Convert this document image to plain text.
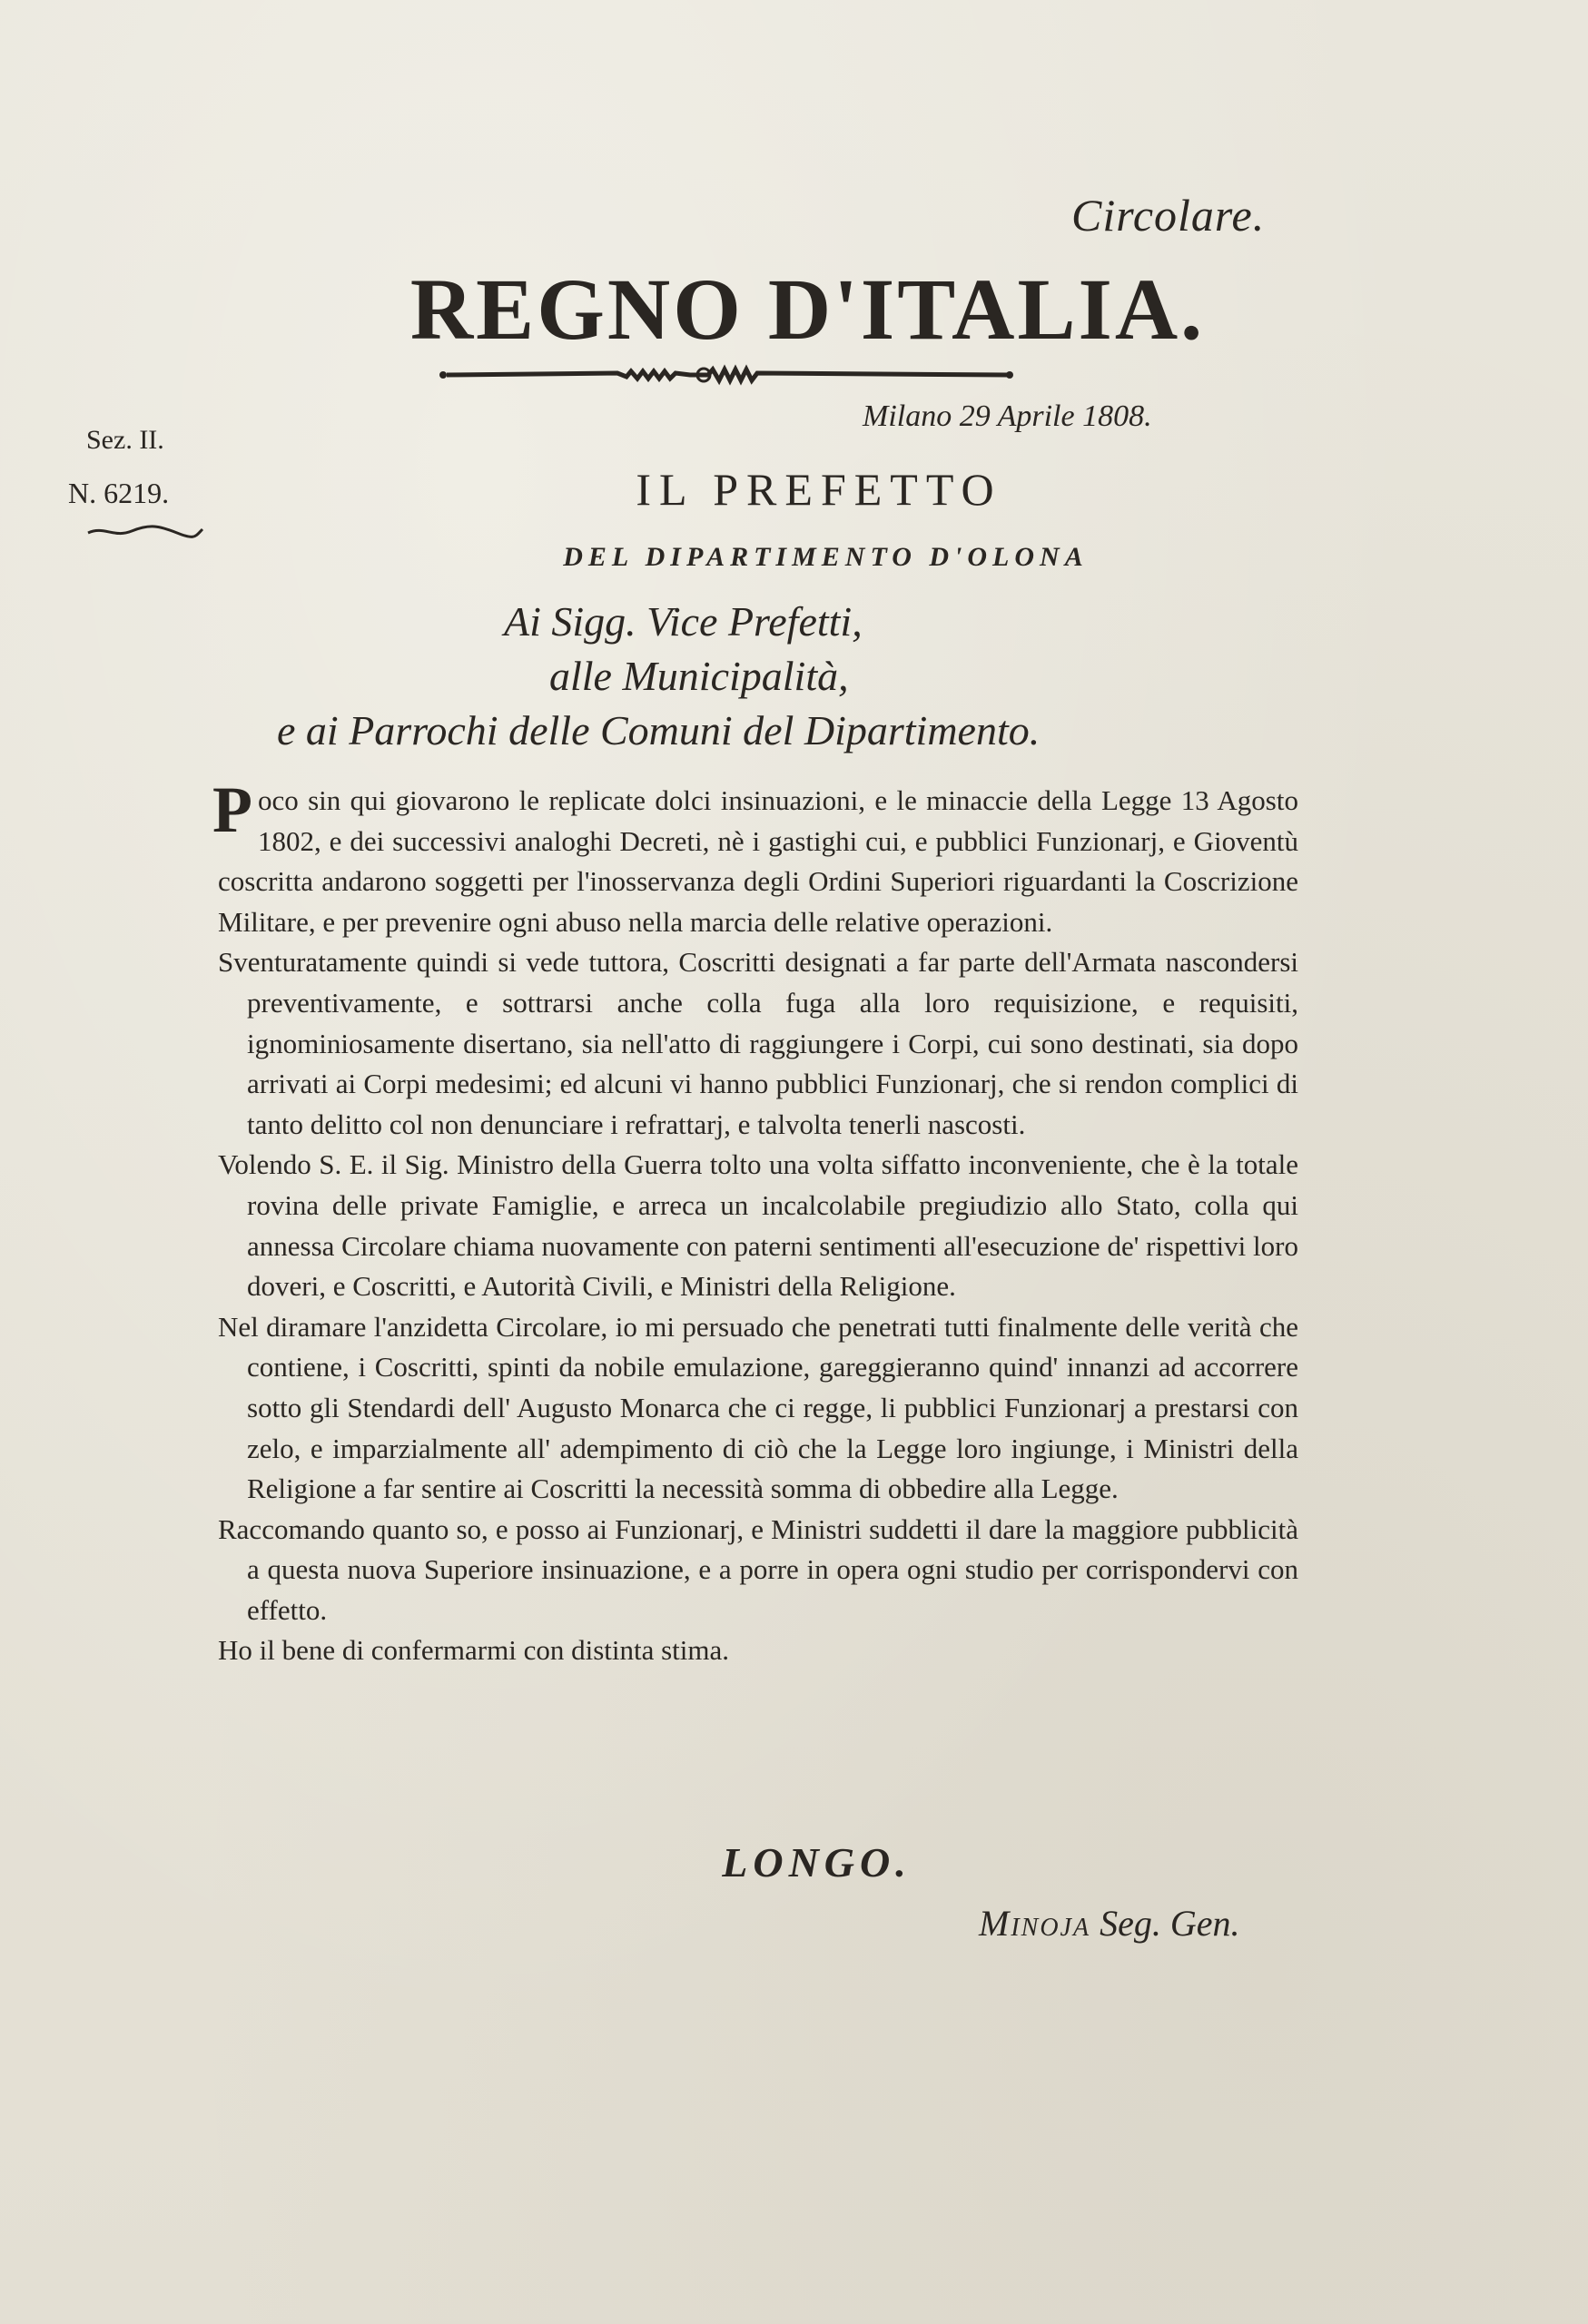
Circolare.
REGNO D'ITALIA.
Milano 29 Aprile 1808.
Sez. II.
N. 6219.	IL PREFETTO
DEL DIPARTIMENTO D'OLONA
Ai Sigg. Vice Prefetti,
alle Municipalità,
e ai Parrochi delle Comuni del Dipartimento.

P oco sin qui giovarono le replicate dolci insinuazioni, e le minaccie della Legge 13 Agosto 1802, e dei successivi analoghi Decreti, nè i gastighi cui, e pubblici Funzionarj, e Gioventù coscritta andarono soggetti per l'inosservanza degli Ordini Superiori riguardanti la Coscrizione Militare, e per prevenire ogni abuso nella marcia delle relative operazioni.

Sventuratamente quindi si vede tuttora, Coscritti designati a far parte dell'Armata nascondersi preventivamente, e sottrarsi anche colla fuga alla loro requisizione, e requisiti, ignominiosamente disertano, sia nell'atto di raggiungere i Corpi, cui sono destinati, sia dopo arrivati ai Corpi medesimi; ed alcuni vi hanno pubblici Funzionarj, che si rendon complici di tanto delitto col non denunciare i refrattarj, e talvolta tenerli nascosti.

Volendo S. E. il Sig. Ministro della Guerra tolto una volta siffatto inconveniente, che è la totale rovina delle private Famiglie, e arreca un incalcolabile pregiudizio allo Stato, colla qui annessa Circolare chiama nuovamente con paterni sentimenti all'esecuzione de' rispettivi loro doveri, e Coscritti, e Autorità Civili, e Ministri della Religione.

Nel diramare l'anzidetta Circolare, io mi persuado che penetrati tutti finalmente delle verità che contiene, i Coscritti, spinti da nobile emulazione, gareggieranno quind' innanzi ad accorrere sotto gli Stendardi dell' Augusto Monarca che ci regge, li pubblici Funzionarj a prestarsi con zelo, e imparzialmente all' adempimento di ciò che la Legge loro ingiunge, i Ministri della Religione a far sentire ai Coscritti la necessità somma di obbedire alla Legge.

Raccomando quanto so, e posso ai Funzionarj, e Ministri suddetti il dare la maggiore pubblicità a questa nuova Superiore insinuazione, e a porre in opera ogni studio per corrispondervi con effetto.

Ho il bene di confermarmi con distinta stima.

LONGO.
Minoja Seg. Gen.
